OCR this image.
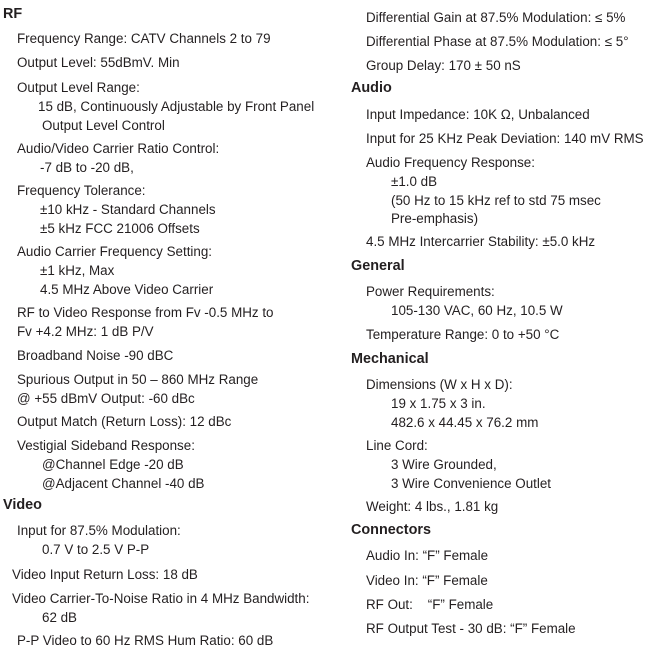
RF
Frequency Range: CATV Channels 2 to 79
Output Level: 55dBmV. Min
Output Level Range:
15 dB, Continuously Adjustable by Front Panel
Output Level Control
Audio/Video Carrier Ratio Control:
-7 dB to -20 dB,
Frequency Tolerance:
±10 kHz - Standard Channels
±5 kHz FCC 21006 Offsets
Audio Carrier Frequency Setting:
±1 kHz, Max
4.5 MHz Above Video Carrier
RF to Video Response from Fv -0.5 MHz to
Fv +4.2 MHz: 1 dB P/V
Broadband Noise -90 dBC
Spurious Output in 50 – 860 MHz Range
@ +55 dBmV Output: -60 dBc
Output Match (Return Loss): 12 dBc
Vestigial Sideband Response:
@Channel Edge -20 dB
@Adjacent Channel -40 dB
Video
Input for 87.5% Modulation:
0.7 V to 2.5 V P-P
Video Input Return Loss: 18 dB
Video Carrier-To-Noise Ratio in 4 MHz Bandwidth:
62 dB
P-P Video to 60 Hz RMS Hum Ratio: 60 dB
Differential Gain at 87.5% Modulation: ≤ 5%
Differential Phase at 87.5% Modulation: ≤ 5°
Group Delay: 170 ± 50 nS
Audio
Input Impedance: 10K Ω, Unbalanced
Input for 25 KHz Peak Deviation: 140 mV RMS
Audio Frequency Response:
±1.0 dB
(50 Hz to 15 kHz ref to std 75 msec
Pre-emphasis)
4.5 MHz Intercarrier Stability: ±5.0 kHz
General
Power Requirements:
105-130 VAC, 60 Hz, 10.5 W
Temperature Range: 0 to +50 °C
Mechanical
Dimensions (W x H x D):
19 x 1.75 x 3 in.
482.6 x 44.45 x 76.2 mm
Line Cord:
3 Wire Grounded,
3 Wire Convenience Outlet
Weight: 4 lbs., 1.81 kg
Connectors
Audio In: “F” Female
Video In: “F” Female
RF Out:    “F” Female
RF Output Test - 30 dB: “F” Female
